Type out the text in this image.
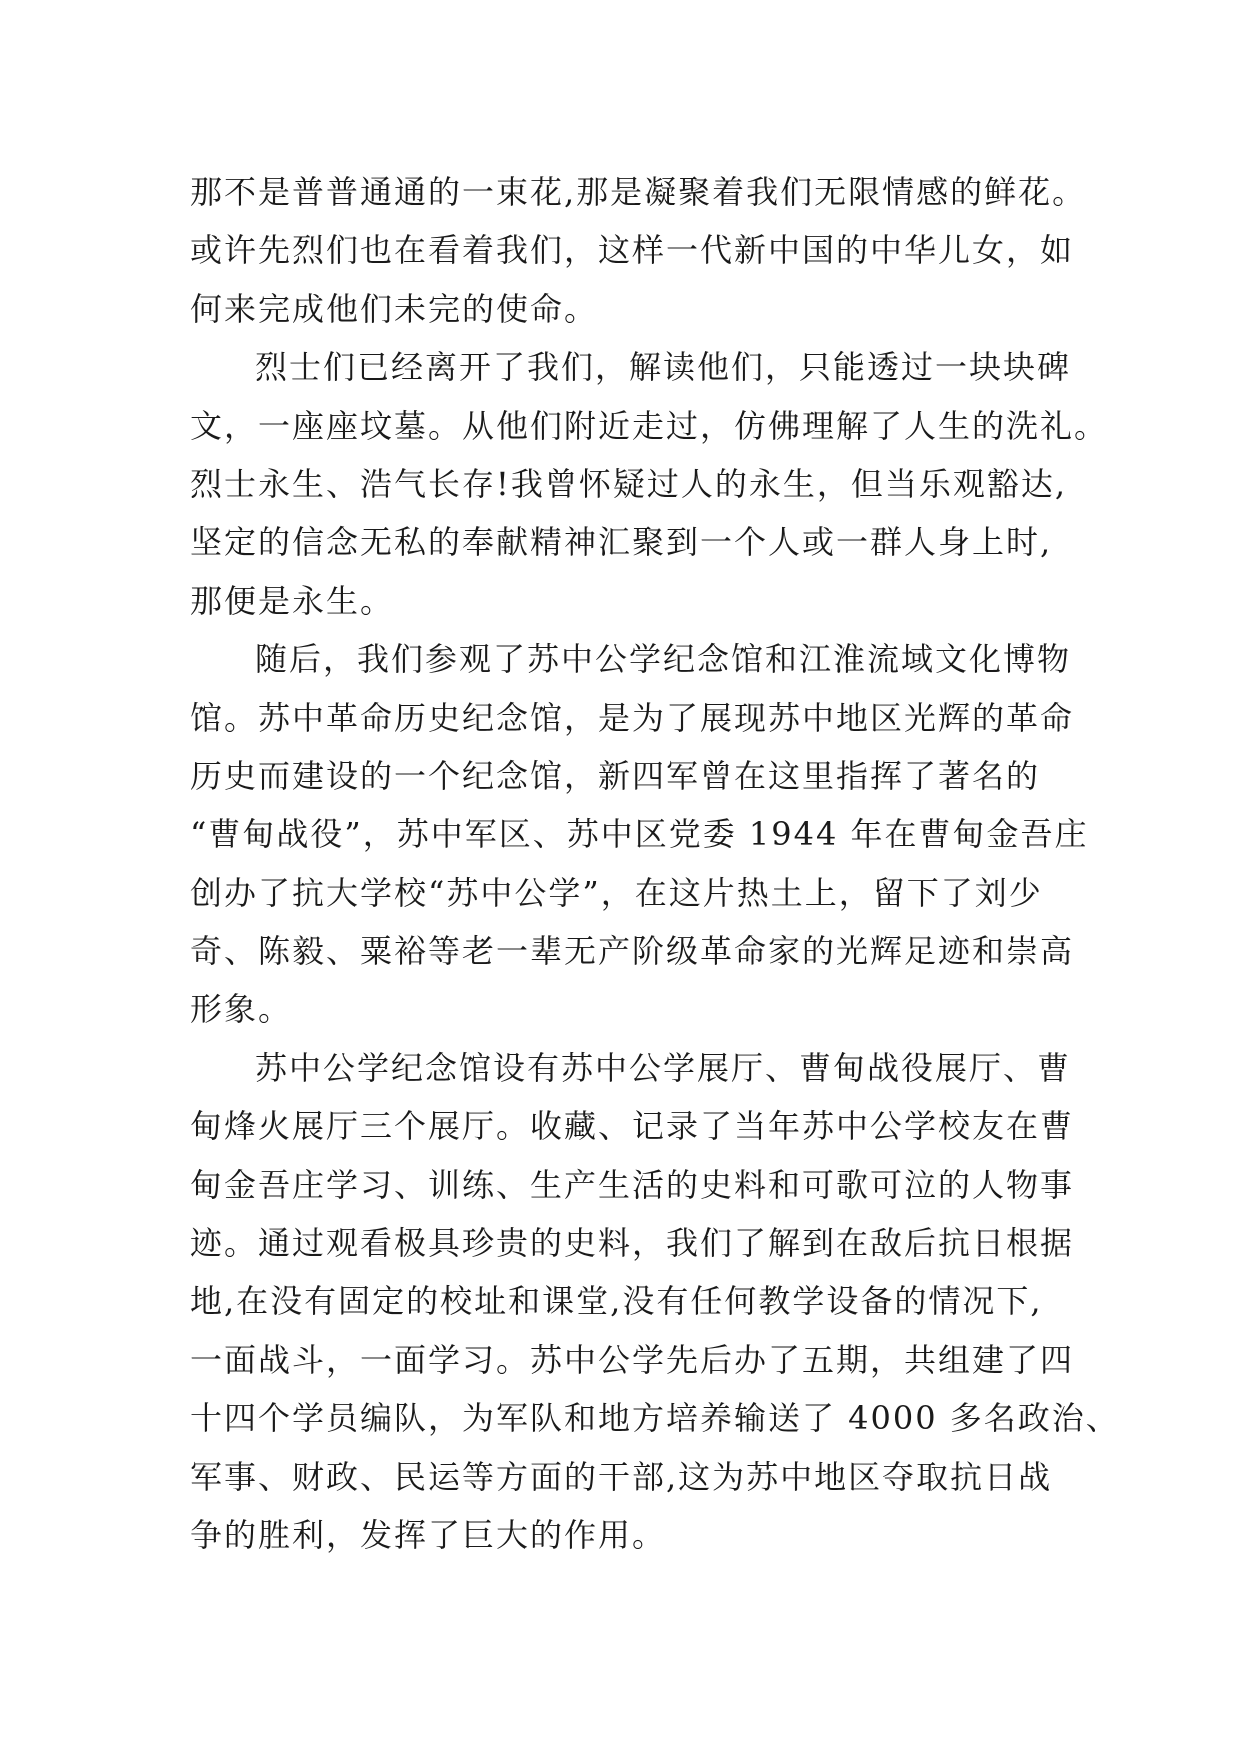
那不是普普通通的一束花,那是凝聚着我们无限情感的鲜花。
或许先烈们也在看着我们，这样一代新中国的中华儿女，如
何来完成他们未完的使命。
烈士们已经离开了我们，解读他们，只能透过一块块碑
文，一座座坟墓。从他们附近走过，仿佛理解了人生的洗礼。
烈士永生、浩气长存!我曾怀疑过人的永生，但当乐观豁达,
坚定的信念无私的奉献精神汇聚到一个人或一群人身上时,
那便是永生。
随后，我们参观了苏中公学纪念馆和江淮流域文化博物
馆。苏中革命历史纪念馆，是为了展现苏中地区光辉的革命
历史而建设的一个纪念馆，新四军曾在这里指挥了著名的
“曹甸战役”，苏中军区、苏中区党委 1944 年在曹甸金吾庄
创办了抗大学校“苏中公学”，在这片热土上，留下了刘少
奇、陈毅、粟裕等老一辈无产阶级革命家的光辉足迹和崇高
形象。
苏中公学纪念馆设有苏中公学展厅、曹甸战役展厅、曹
甸烽火展厅三个展厅。收藏、记录了当年苏中公学校友在曹
甸金吾庄学习、训练、生产生活的史料和可歌可泣的人物事
迹。通过观看极具珍贵的史料，我们了解到在敌后抗日根据
地,在没有固定的校址和课堂,没有任何教学设备的情况下,
一面战斗，一面学习。苏中公学先后办了五期，共组建了四
十四个学员编队，为军队和地方培养输送了 4000 多名政治、
军事、财政、民运等方面的干部,这为苏中地区夺取抗日战
争的胜利，发挥了巨大的作用。
